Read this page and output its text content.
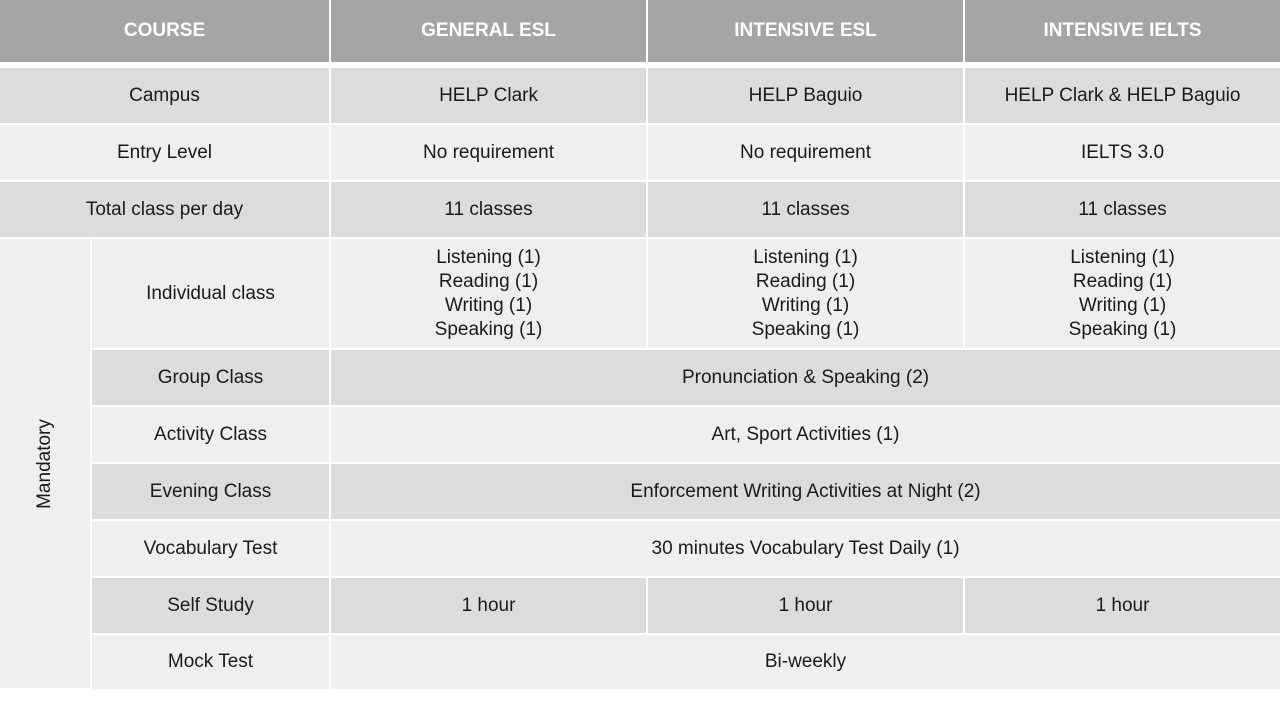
COURSE		GENERAL ESL	INTENSIVE ESL	INTENSIVE IELTS
Campus		HELP Clark	HELP Baguio	HELP Clark & HELP Baguio
Entry Level		No requirement	No requirement	IELTS 3.0
Total class per day		11 classes	11 classes	11 classes
Mandatory	Individual class	Listening (1)
Reading (1)
Writing (1)
Speaking (1)	Listening (1)
Reading (1)
Writing (1)
Speaking (1)	Listening (1)
Reading (1)
Writing (1)
Speaking (1)

	Group Class	Pronunciation & Speaking (2)		
	Activity Class	Art, Sport Activities (1)		
	Evening Class	Enforcement Writing Activities at Night (2)		
	Vocabulary Test	30 minutes Vocabulary Test Daily (1)		
	Self Study	1 hour	1 hour	1 hour
	Mock Test	Bi-weekly		
